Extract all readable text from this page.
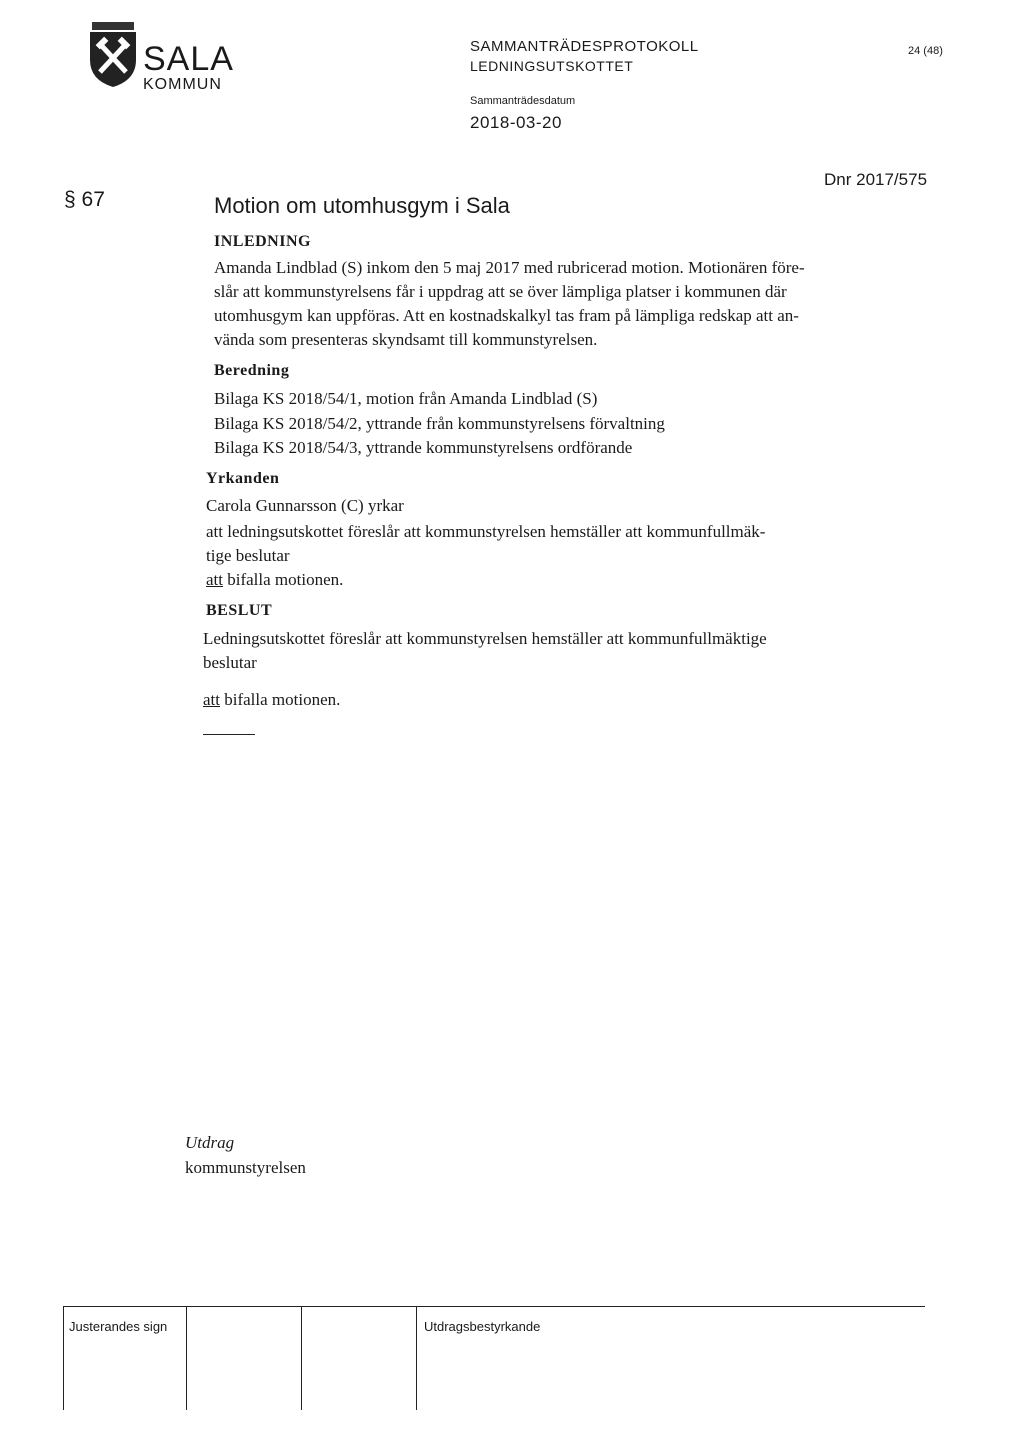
SALA
KOMMUN
SAMMANTRÄDESPROTOKOLL
LEDNINGSUTSKOTTET
24 (48)
Sammanträdesdatum
2018-03-20
Dnr 2017/575
§ 67	Motion om utomhusgym i Sala
INLEDNING
Amanda Lindblad (S) inkom den 5 maj 2017 med rubricerad motion. Motionären före-
slår att kommunstyrelsens får i uppdrag att se över lämpliga platser i kommunen där
utomhusgym kan uppföras. Att en kostnadskalkyl tas fram på lämpliga redskap att an-
vända som presenteras skyndsamt till kommunstyrelsen.
Beredning
Bilaga KS 2018/54/1, motion från Amanda Lindblad (S)
Bilaga KS 2018/54/2, yttrande från kommunstyrelsens förvaltning
Bilaga KS 2018/54/3, yttrande kommunstyrelsens ordförande
Yrkanden
Carola Gunnarsson (C) yrkar
att ledningsutskottet föreslår att kommunstyrelsen hemställer att kommunfullmäk-
tige beslutar
att bifalla motionen.
BESLUT
Ledningsutskottet föreslår att kommunstyrelsen hemställer att kommunfullmäktige
beslutar
att bifalla motionen.
Utdrag
kommunstyrelsen
Justerandes sign	Utdragsbestyrkande
